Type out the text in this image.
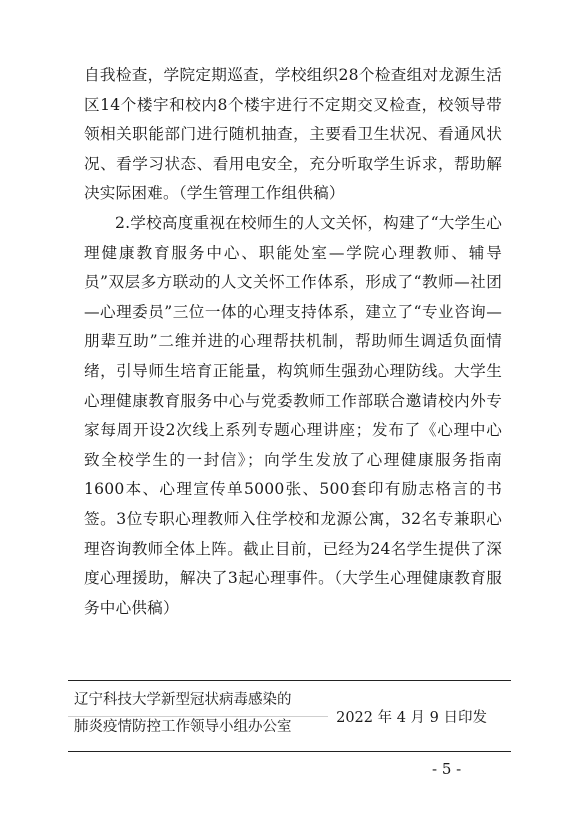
自我检查，学院定期巡查，学校组织28个检查组对龙源生活区14个楼宇和校内8个楼宇进行不定期交叉检查，校领导带领相关职能部门进行随机抽查，主要看卫生状况、看通风状况、看学习状态、看用电安全，充分听取学生诉求，帮助解决实际困难。（学生管理工作组供稿）

2.学校高度重视在校师生的人文关怀，构建了“大学生心理健康教育服务中心、职能处室—学院心理教师、辅导员”双层多方联动的人文关怀工作体系，形成了“教师—社团—心理委员”三位一体的心理支持体系，建立了“专业咨询—朋辈互助”二维并进的心理帮扶机制，帮助师生调适负面情绪，引导师生培育正能量，构筑师生强劲心理防线。大学生心理健康教育服务中心与党委教师工作部联合邀请校内外专家每周开设2次线上系列专题心理讲座；发布了《心理中心致全校学生的一封信》；向学生发放了心理健康服务指南1600本、心理宣传单5000张、500套印有励志格言的书签。3位专职心理教师入住学校和龙源公寓，32名专兼职心理咨询教师全体上阵。截止目前，已经为24名学生提供了深度心理援助，解决了3起心理事件。（大学生心理健康教育服务中心供稿）

辽宁科技大学新型冠状病毒感染的
肺炎疫情防控工作领导小组办公室
2022 年 4 月 9 日印发
- 5 -
